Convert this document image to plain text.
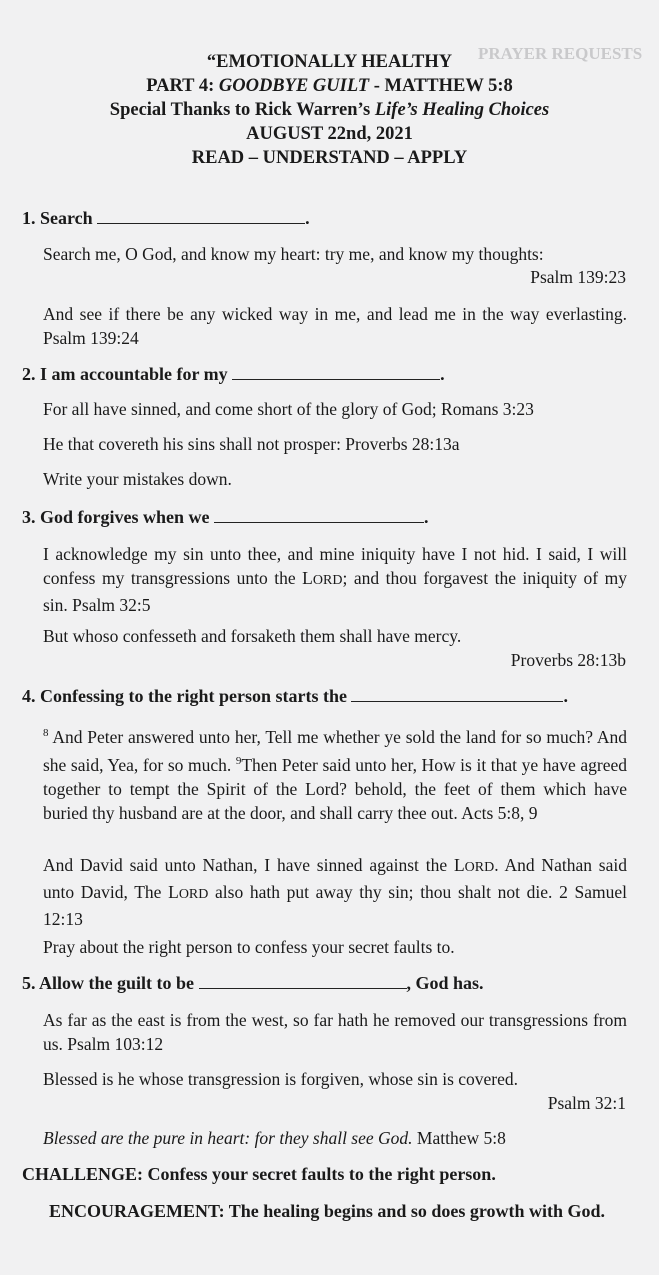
PRAYER REQUESTS
“EMOTIONALLY HEALTHY
PART 4: GOODBYE GUILT - MATTHEW 5:8
Special Thanks to Rick Warren’s Life’s Healing Choices
AUGUST 22nd, 2021
READ – UNDERSTAND – APPLY
1. Search	.
Search me, O God, and know my heart: try me, and know my thoughts:
Psalm 139:23
And see if there be any wicked way in me, and lead me in the way everlasting. Psalm 139:24
2. I am accountable for my	.
For all have sinned, and come short of the glory of God; Romans 3:23
He that covereth his sins shall not prosper: Proverbs 28:13a
Write your mistakes down.
3. God forgives when we	.
I acknowledge my sin unto thee, and mine iniquity have I not hid. I said, I will confess my transgressions unto the LORD; and thou forgavest the iniquity of my sin. Psalm 32:5
But whoso confesseth and forsaketh them shall have mercy.
Proverbs 28:13b
4. Confessing to the right person starts the	.
$^8$ And Peter answered unto her, Tell me whether ye sold the land for so much? And she said, Yea, for so much. $^9$Then Peter said unto her, How is it that ye have agreed together to tempt the Spirit of the Lord? behold, the feet of them which have buried thy husband are at the door, and shall carry thee out. Acts 5:8, 9
And David said unto Nathan, I have sinned against the LORD. And Nathan said unto David, The LORD also hath put away thy sin; thou shalt not die. 2 Samuel 12:13
Pray about the right person to confess your secret faults to.
5. Allow the guilt to be	, God has.
As far as the east is from the west, so far hath he removed our transgressions from us. Psalm 103:12
Blessed is he whose transgression is forgiven, whose sin is covered.
Psalm 32:1
Blessed are the pure in heart: for they shall see God. Matthew 5:8
CHALLENGE: Confess your secret faults to the right person.
ENCOURAGEMENT: The healing begins and so does growth with God.
